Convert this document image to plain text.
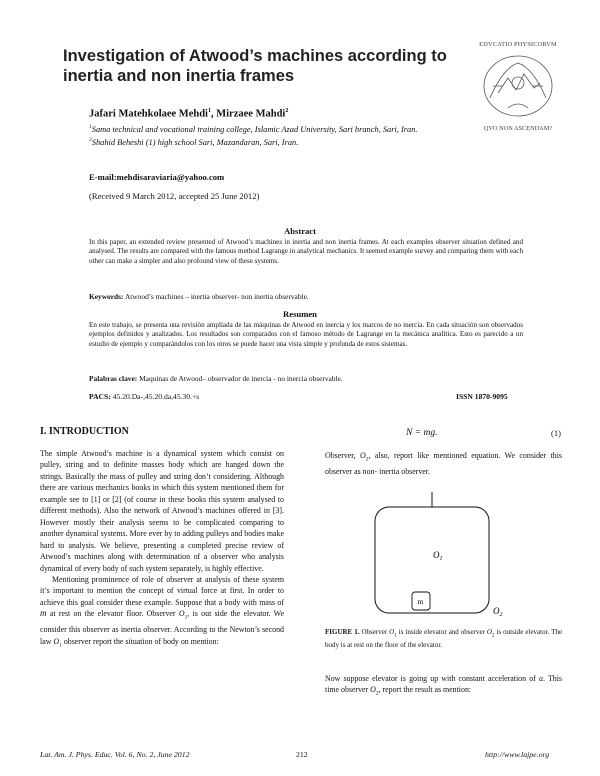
Investigation of Atwood’s machines according to inertia and non inertia frames
EDVCATIO PHYSICORVM
QVO NON ASCENDAM?
Jafari Matehkolaee Mehdi$^1$, Mirzaee Mahdi$^2$
$^1$Sama technical and vocational training college, Islamic Azad University, Sari branch, Sari, Iran.
$^2$Shahid Beheshi (1) high school Sari, Mazandaran, Sari, Iran.
E-mail:mehdisaraviaria@yahoo.com
(Received 9 March 2012, accepted 25 June 2012)
Abstract
In this paper, an extended review presented of Atwood’s machines in inertia and non inertia frames. At each examples observer situation defined and analysed. The results are compared with the famous method Lagrange in analytical mechanics. It seemed example survey and comparing them with each other can make a simpler and also profound view of these systems.
Keywords: Atwood’s machines – inertia observer- non inertia observable.
Resumen
En este trabajo, se presenta una revisión ampliada de las máquinas de Atwood en inercia y los marcos de no inercia. En cada situación son observados ejemplos definidos y analizados. Los resultados son comparados con el famoso método de Lagrange en la mecánica analítica. Esto es parecido a un estudio de ejemplo y comparándolos con los otros se puede hacer una vista simple y profunda de estos sistemas.
Palabras clave: Maquinas de Atwood– observador de inercia - no inercia observable.
PACS: 45.20.Da-,45.20.da,45.30.+s	ISSN 1870-9095
I. INTRODUCTION

The simple Atwood’s machine is a dynamical system which consist on pulley, string and to definite masses body which are hanged down the strings. Basically the mass of pulley and string don’t considering. Although there are various mechanics books in which this system mentioned them for example see to [1] or [2] (of course in these books this system analysed to different methods). Also the network of Atwood’s machines offered in [3]. However mostly their analysis seems to be complicated comparing to another dynamical systems. More ever by to adding pulleys and bodies make hard to analysis. We believe, presenting a completed precise review of Atwood’s machines along with determination of a observer who analysis dynamical of every body of such system separately, is highly effective.

Mentioning prominence of role of observer at analysis of these system it’s important to mention the concept of virtual force at first. In order to achieve this goal consider these example. Suppose that a body with mass of m at rest on the elevator floor. Observer $O_1$, is out side the elevator. We consider this observer as inertia observer. According to the Newton’s second law $O_1$ observer report the situation of body on mention:

N = mg.	(1)
Observer, $O_2$, also, report like mentioned equation. We consider this observer as non- inertia observer.
$O_1$
m
$O_2$
FIGURE 1. Observer $O_1$ is inside elevator and observer $O_2$ is outside elevator. The body is at rest on the floor of the elevator.
Now suppose elevator is going up with constant acceleration of a. This time observer $O_2$, report the result as mention:
Lat. Am. J. Phys. Educ. Vol. 6, No. 2, June 2012	212	http://www.lajpe.org
